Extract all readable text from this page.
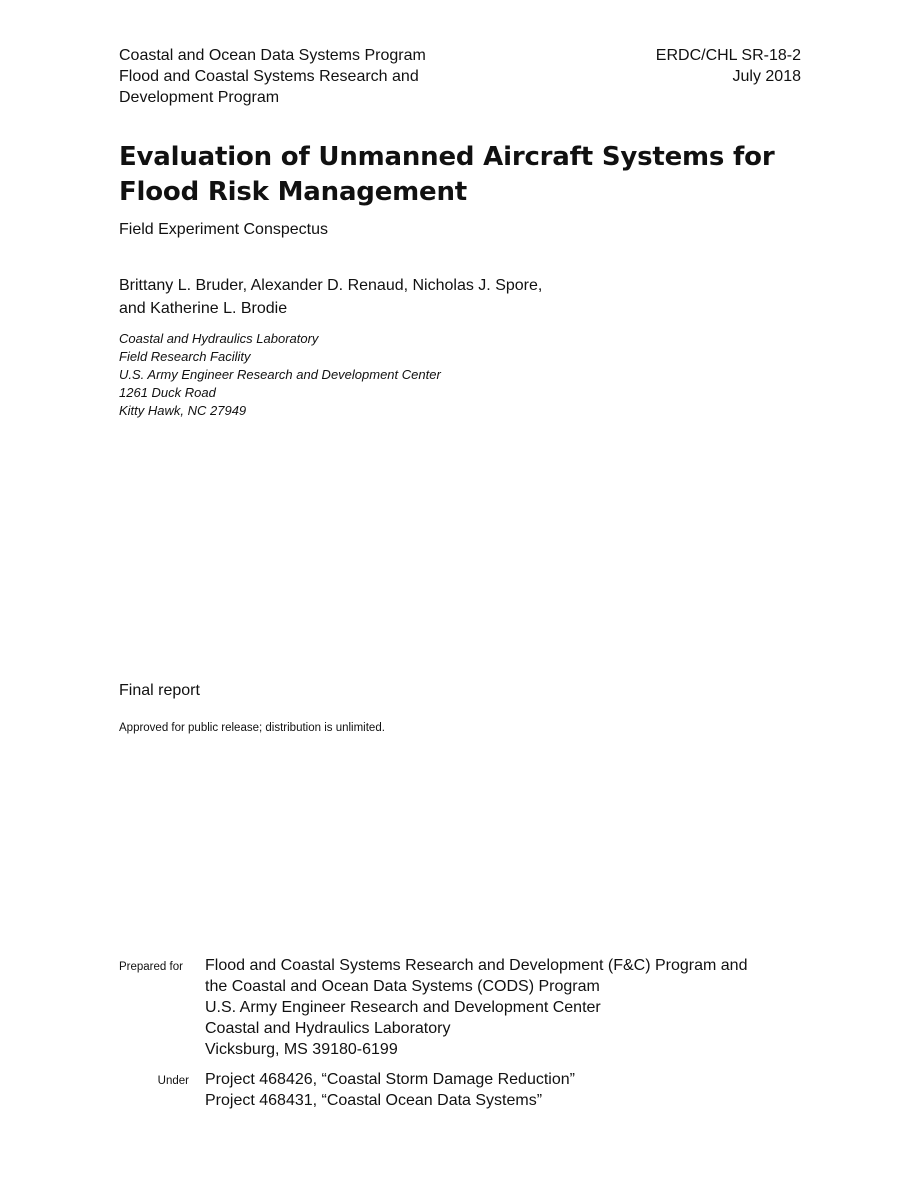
Coastal and Ocean Data Systems Program
Flood and Coastal Systems Research and
Development Program
ERDC/CHL SR-18-2
July 2018
Evaluation of Unmanned Aircraft Systems for
Flood Risk Management
Field Experiment Conspectus
Brittany L. Bruder, Alexander D. Renaud, Nicholas J. Spore,
and Katherine L. Brodie
Coastal and Hydraulics Laboratory
Field Research Facility
U.S. Army Engineer Research and Development Center
1261 Duck Road
Kitty Hawk, NC 27949
Final report
Approved for public release; distribution is unlimited.
Prepared for Flood and Coastal Systems Research and Development (F&C) Program and
the Coastal and Ocean Data Systems (CODS) Program
U.S. Army Engineer Research and Development Center
Coastal and Hydraulics Laboratory
Vicksburg, MS 39180-6199
Under Project 468426, “Coastal Storm Damage Reduction”
Project 468431, “Coastal Ocean Data Systems”
